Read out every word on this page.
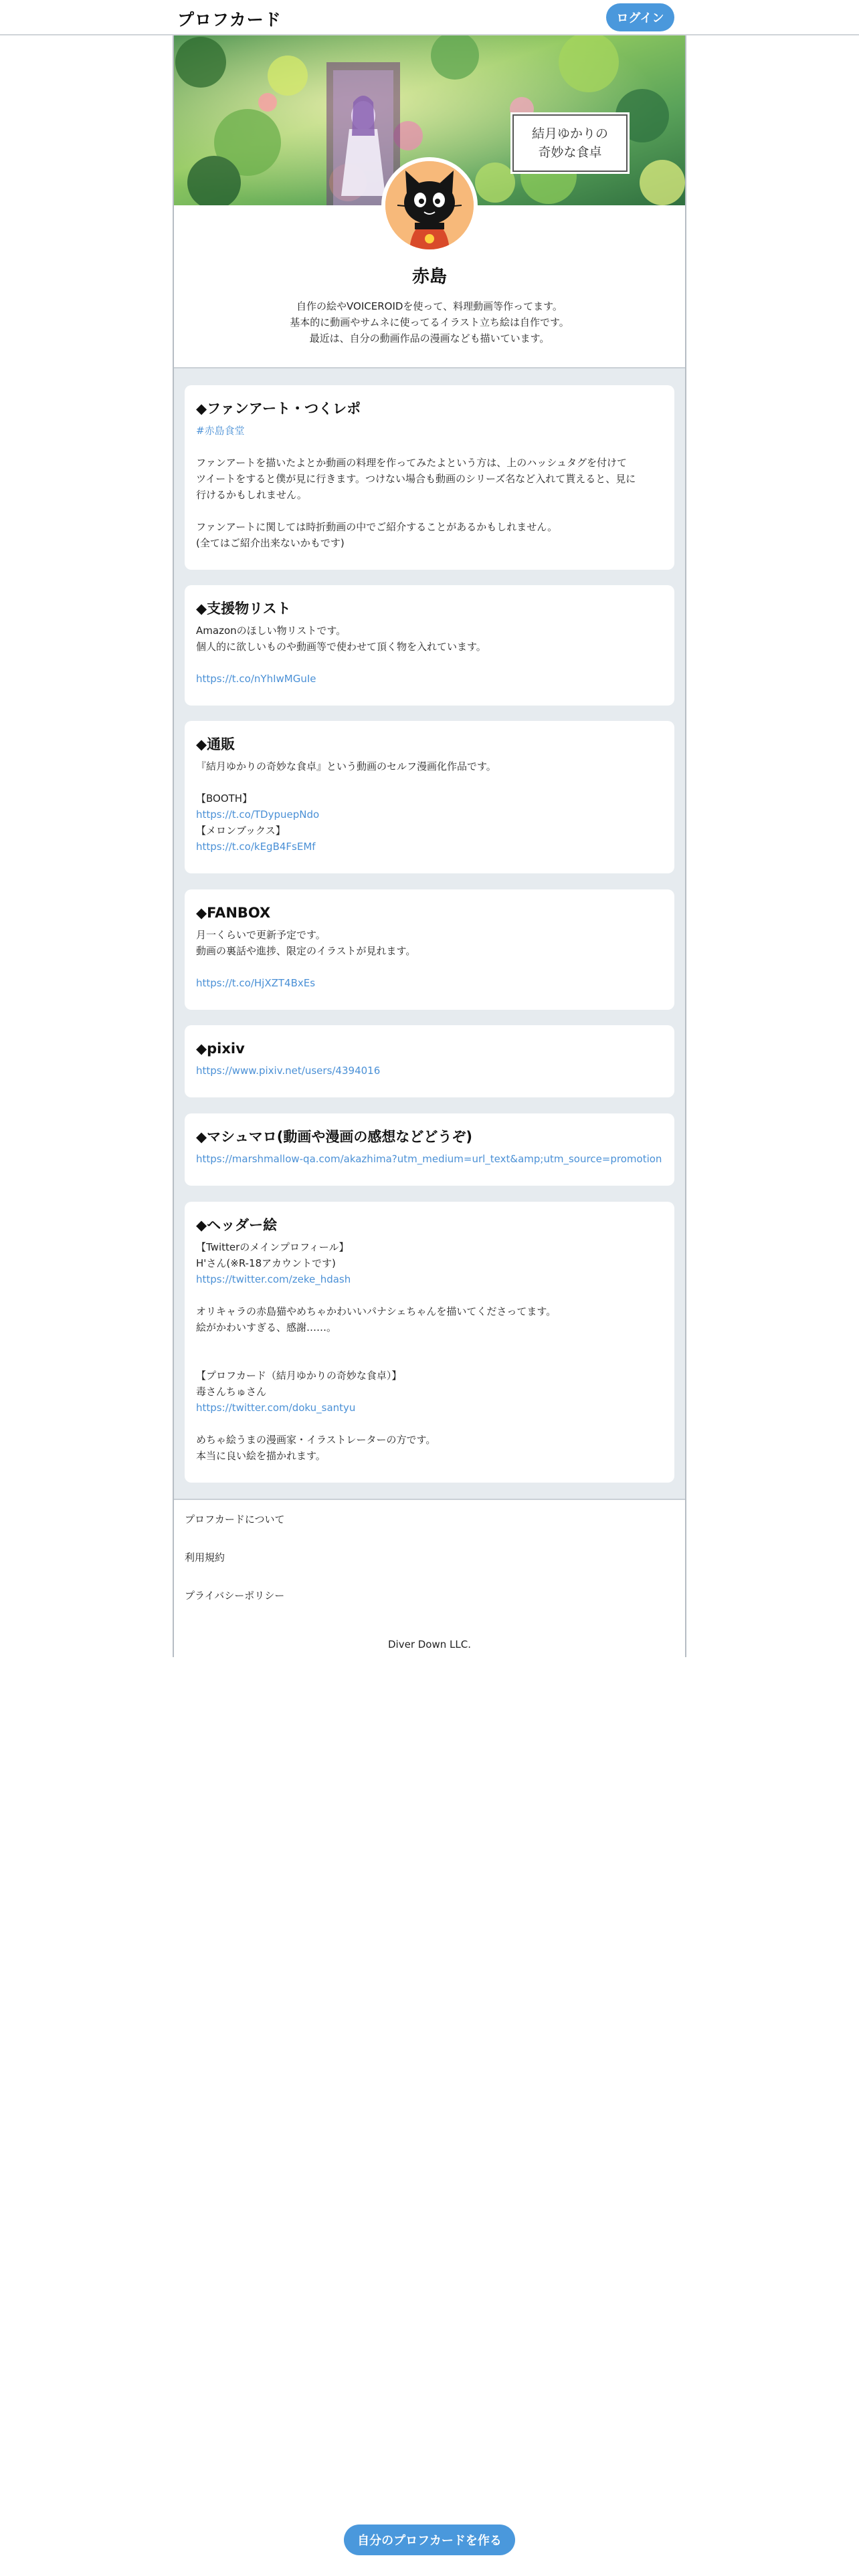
プロフカード	ログイン
結月ゆかりの
奇妙な食卓
赤島
自作の絵やVOICEROIDを使って、料理動画等作ってます。
基本的に動画やサムネに使ってるイラスト立ち絵は自作です。
最近は、自分の動画作品の漫画なども描いています。
◆ファンアート・つくレポ
#赤島食堂

ファンアートを描いたよとか動画の料理を作ってみたよという方は、上のハッシュタグを付けて
ツイートをすると僕が見に行きます。つけない場合も動画のシリーズ名など入れて貰えると、見に
行けるかもしれません。

ファンアートに関しては時折動画の中でご紹介することがあるかもしれません。
(全てはご紹介出来ないかもです)

◆支援物リスト

Amazonのほしい物リストです。
個人的に欲しいものや動画等で使わせて頂く物を入れています。

https://t.co/nYhIwMGuIe
◆通販

『結月ゆかりの奇妙な食卓』という動画のセルフ漫画化作品です。

【BOOTH】

https://t.co/TDypuepNdo

【メロンブックス】

https://t.co/kEgB4FsEMf
◆FANBOX

月一くらいで更新予定です。
動画の裏話や進捗、限定のイラストが見れます。

https://t.co/HjXZT4BxEs
◆pixiv
https://www.pixiv.net/users/4394016
◆マシュマロ(動画や漫画の感想などどうぞ)
https://marshmallow-qa.com/akazhima?utm_medium=url_text&amp;utm_source=promotion
◆ヘッダー絵

【Twitterのメインプロフィール】
H'さん(※R-18アカウントです)

https://twitter.com/zeke_hdash

オリキャラの赤島猫やめちゃかわいいパナシェちゃんを描いてくださってます。
絵がかわいすぎる、感謝……。

【プロフカード（結月ゆかりの奇妙な食卓）】
毒さんちゅさん

https://twitter.com/doku_santyu

めちゃ絵うまの漫画家・イラストレーターの方です。
本当に良い絵を描かれます。

プロフカードについて
利用規約
プライバシーポリシー
Diver Down LLC.
自分のプロフカードを作る
